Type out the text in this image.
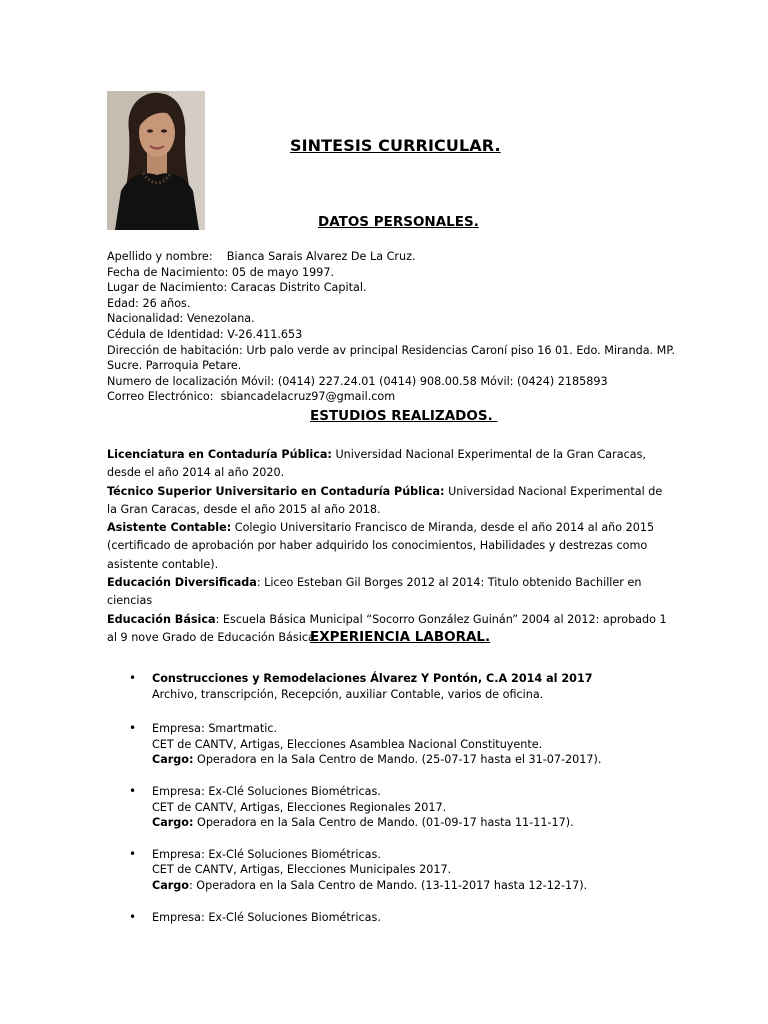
SINTESIS CURRICULAR.
DATOS PERSONALES.
Apellido y nombre:    Bianca Sarais Alvarez De La Cruz.
Fecha de Nacimiento: 05 de mayo 1997.
Lugar de Nacimiento: Caracas Distrito Capital.
Edad: 26 años.
Nacionalidad: Venezolana.
Cédula de Identidad: V-26.411.653
Dirección de habitación: Urb palo verde av principal Residencias Caroní piso 16 01. Edo. Miranda. MP. Sucre. Parroquia Petare.
Numero de localización Móvil: (0414) 227.24.01 (0414) 908.00.58 Móvil: (0424) 2185893
Correo Electrónico:  sbiancadelacruz97@gmail.com
ESTUDIOS REALIZADOS.
Licenciatura en Contaduría Pública: Universidad Nacional Experimental de la Gran Caracas, desde el año 2014 al año 2020.
Técnico Superior Universitario en Contaduría Pública: Universidad Nacional Experimental de la Gran Caracas, desde el año 2015 al año 2018.
Asistente Contable: Colegio Universitario Francisco de Miranda, desde el año 2014 al año 2015 (certificado de aprobación por haber adquirido los conocimientos, Habilidades y destrezas como asistente contable).
Educación Diversificada: Liceo Esteban Gil Borges 2012 al 2014: Titulo obtenido Bachiller en ciencias
Educación Básica: Escuela Básica Municipal “Socorro González Guinán” 2004 al 2012: aprobado 1 al 9 nove Grado de Educación Básica
EXPERIENCIA LABORAL.
• Construcciones y Remodelaciones Álvarez Y Pontón, C.A 2014 al 2017
Archivo, transcripción, Recepción, auxiliar Contable, varios de oficina.
• Empresa: Smartmatic.
CET de CANTV, Artigas, Elecciones Asamblea Nacional Constituyente.
Cargo: Operadora en la Sala Centro de Mando. (25-07-17 hasta el 31-07-2017).
• Empresa: Ex-Clé Soluciones Biométricas.
CET de CANTV, Artigas, Elecciones Regionales 2017.
Cargo: Operadora en la Sala Centro de Mando. (01-09-17 hasta 11-11-17).
• Empresa: Ex-Clé Soluciones Biométricas.
CET de CANTV, Artigas, Elecciones Municipales 2017.
Cargo: Operadora en la Sala Centro de Mando. (13-11-2017 hasta 12-12-17).
• Empresa: Ex-Clé Soluciones Biométricas.
